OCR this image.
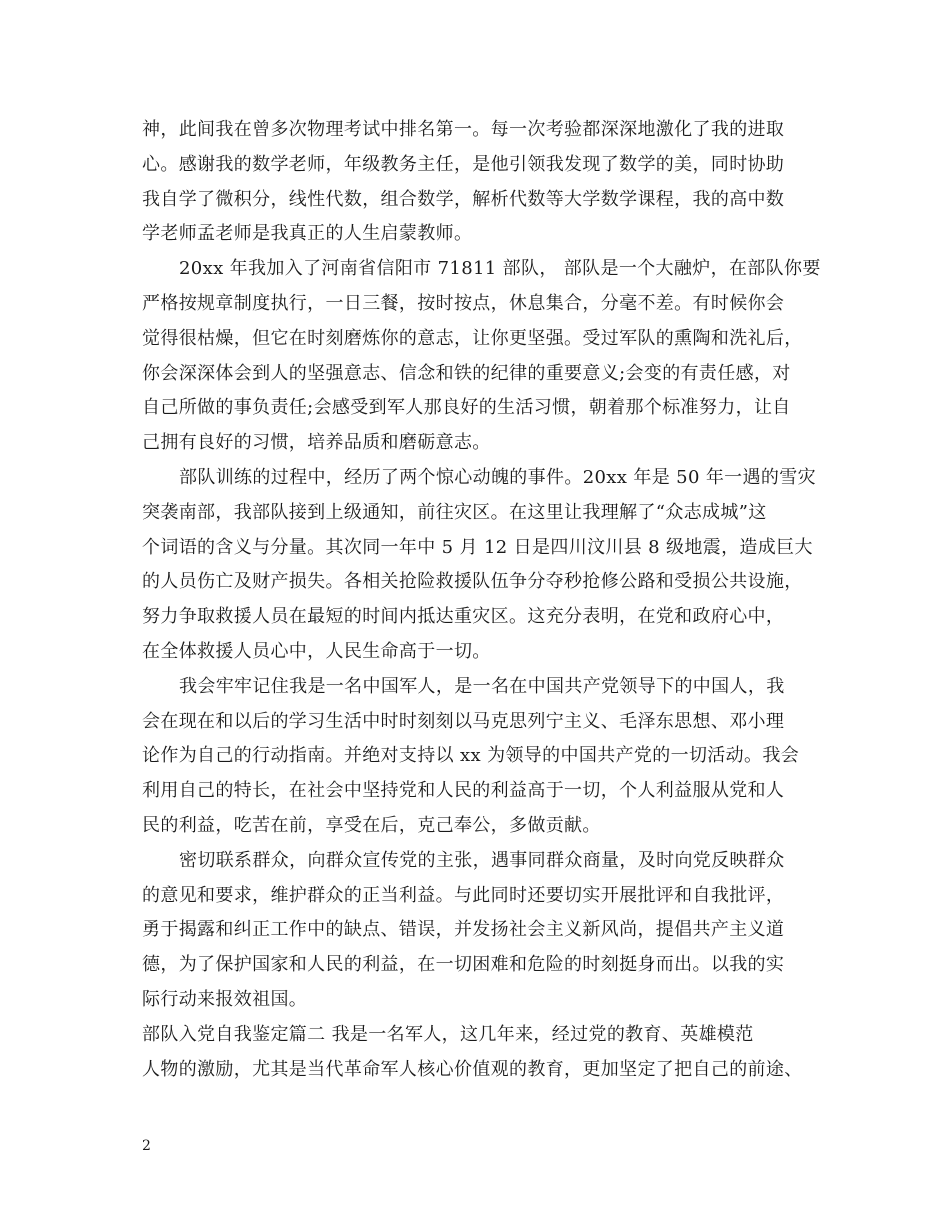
神，此间我在曾多次物理考试中排名第一。每一次考验都深深地激化了我的进取
心。感谢我的数学老师，年级教务主任，是他引领我发现了数学的美，同时协助
我自学了微积分，线性代数，组合数学，解析代数等大学数学课程，我的高中数
学老师孟老师是我真正的人生启蒙教师。
20xx 年我加入了河南省信阳市 71811 部队， 部队是一个大融炉，在部队你要
严格按规章制度执行，一日三餐，按时按点，休息集合，分毫不差。有时候你会
觉得很枯燥，但它在时刻磨炼你的意志，让你更坚强。受过军队的熏陶和洗礼后，
你会深深体会到人的坚强意志、信念和铁的纪律的重要意义;会变的有责任感，对
自己所做的事负责任;会感受到军人那良好的生活习惯，朝着那个标准努力，让自
己拥有良好的习惯，培养品质和磨砺意志。
部队训练的过程中，经历了两个惊心动魄的事件。20xx 年是 50 年一遇的雪灾
突袭南部，我部队接到上级通知，前往灾区。在这里让我理解了“众志成城”这
个词语的含义与分量。其次同一年中 5 月 12 日是四川汶川县 8 级地震，造成巨大
的人员伤亡及财产损失。各相关抢险救援队伍争分夺秒抢修公路和受损公共设施，
努力争取救援人员在最短的时间内抵达重灾区。这充分表明，在党和政府心中，
在全体救援人员心中，人民生命高于一切。
我会牢牢记住我是一名中国军人，是一名在中国共产党领导下的中国人，我
会在现在和以后的学习生活中时时刻刻以马克思列宁主义、毛泽东思想、邓小理
论作为自己的行动指南。并绝对支持以 xx 为领导的中国共产党的一切活动。我会
利用自己的特长，在社会中坚持党和人民的利益高于一切，个人利益服从党和人
民的利益，吃苦在前，享受在后，克己奉公，多做贡献。
密切联系群众，向群众宣传党的主张，遇事同群众商量，及时向党反映群众
的意见和要求，维护群众的正当利益。与此同时还要切实开展批评和自我批评，
勇于揭露和纠正工作中的缺点、错误，并发扬社会主义新风尚，提倡共产主义道
德，为了保护国家和人民的利益，在一切困难和危险的时刻挺身而出。以我的实
际行动来报效祖国。
部队入党自我鉴定篇二 我是一名军人，这几年来，经过党的教育、英雄模范
人物的激励，尤其是当代革命军人核心价值观的教育，更加坚定了把自己的前途、
2
